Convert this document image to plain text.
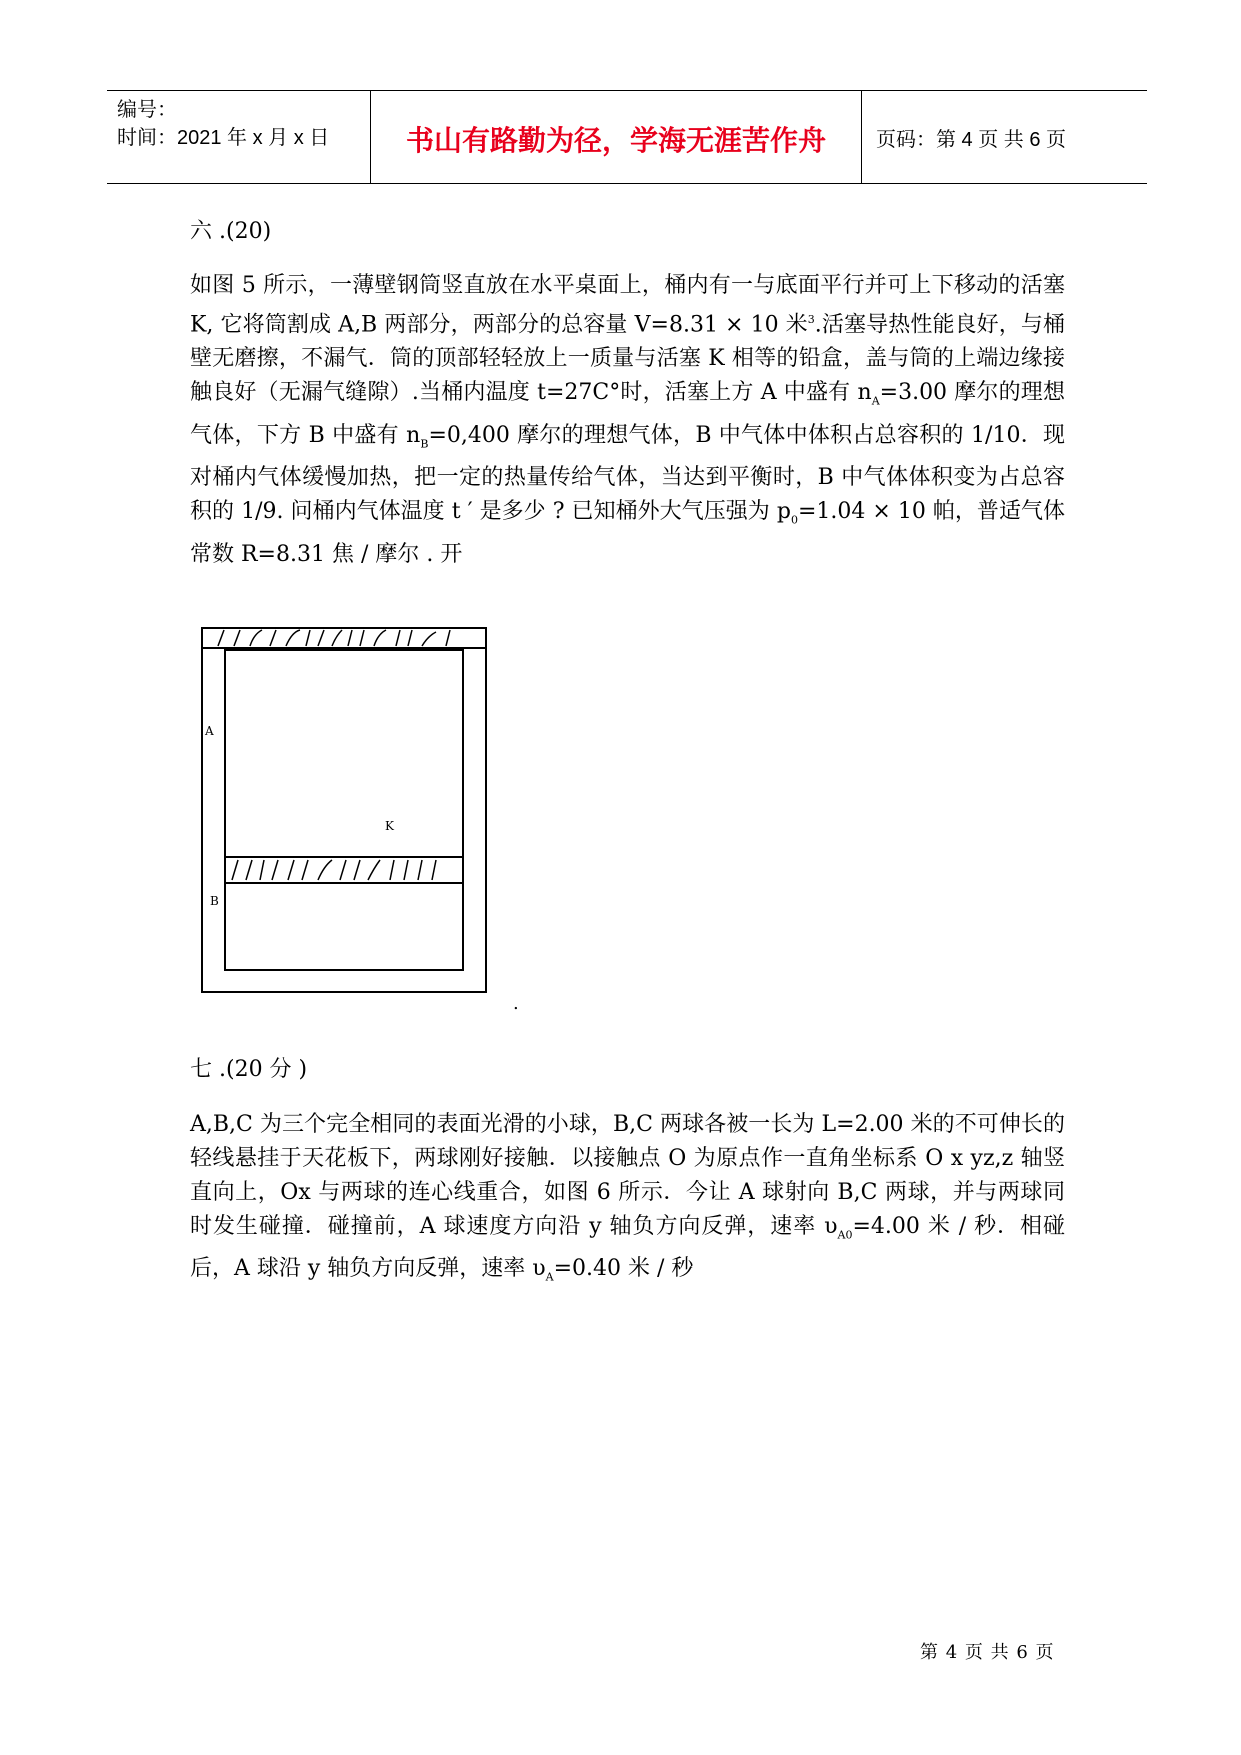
编号：
时间：2021 年 x 月 x 日	书山有路勤为径，学海无涯苦作舟	页码：第 4 页 共 6 页
六 .(20)
如图 5 所示，一薄壁钢筒竖直放在水平桌面上，桶内有一与底面平行并可上下移动的活塞 K, 它将筒割成 A,B 两部分，两部分的总容量 V=8.31 × 10 米$^3$.活塞导热性能良好，与桶壁无磨擦，不漏气．筒的顶部轻轻放上一质量与活塞 K 相等的铅盒，盖与筒的上端边缘接触良好（无漏气缝隙）.当桶内温度 t=27C°时，活塞上方 A 中盛有 $n_A=3.00$ 摩尔的理想气体，下方 B 中盛有 $n_B=0,400$ 摩尔的理想气体，B 中气体中体积占总容积的 1/10．现对桶内气体缓慢加热，把一定的热量传给气体，当达到平衡时，B 中气体体积变为占总容积的 1/9. 问桶内气体温度 t ′ 是多少 ? 已知桶外大气压强为 $p_0=1.04 \times 10$ 帕，普适气体常数 R=8.31 焦 / 摩尔 . 开
A
K
B
.
七 .(20 分 )
A,B,C 为三个完全相同的表面光滑的小球，B,C 两球各被一长为 L=2.00 米的不可伸长的轻线悬挂于天花板下，两球刚好接触．以接触点 O 为原点作一直角坐标系 O x yz,z 轴竖直向上，Ox 与两球的连心线重合，如图 6 所示．今让 A 球射向 B,C 两球，并与两球同时发生碰撞．碰撞前，A 球速度方向沿 y 轴负方向反弹，速率 $\upsilon_{A0}=4.00$ 米 / 秒．相碰后，A 球沿 y 轴负方向反弹，速率 $\upsilon_A=0.40$ 米 / 秒
第 4 页 共 6 页
